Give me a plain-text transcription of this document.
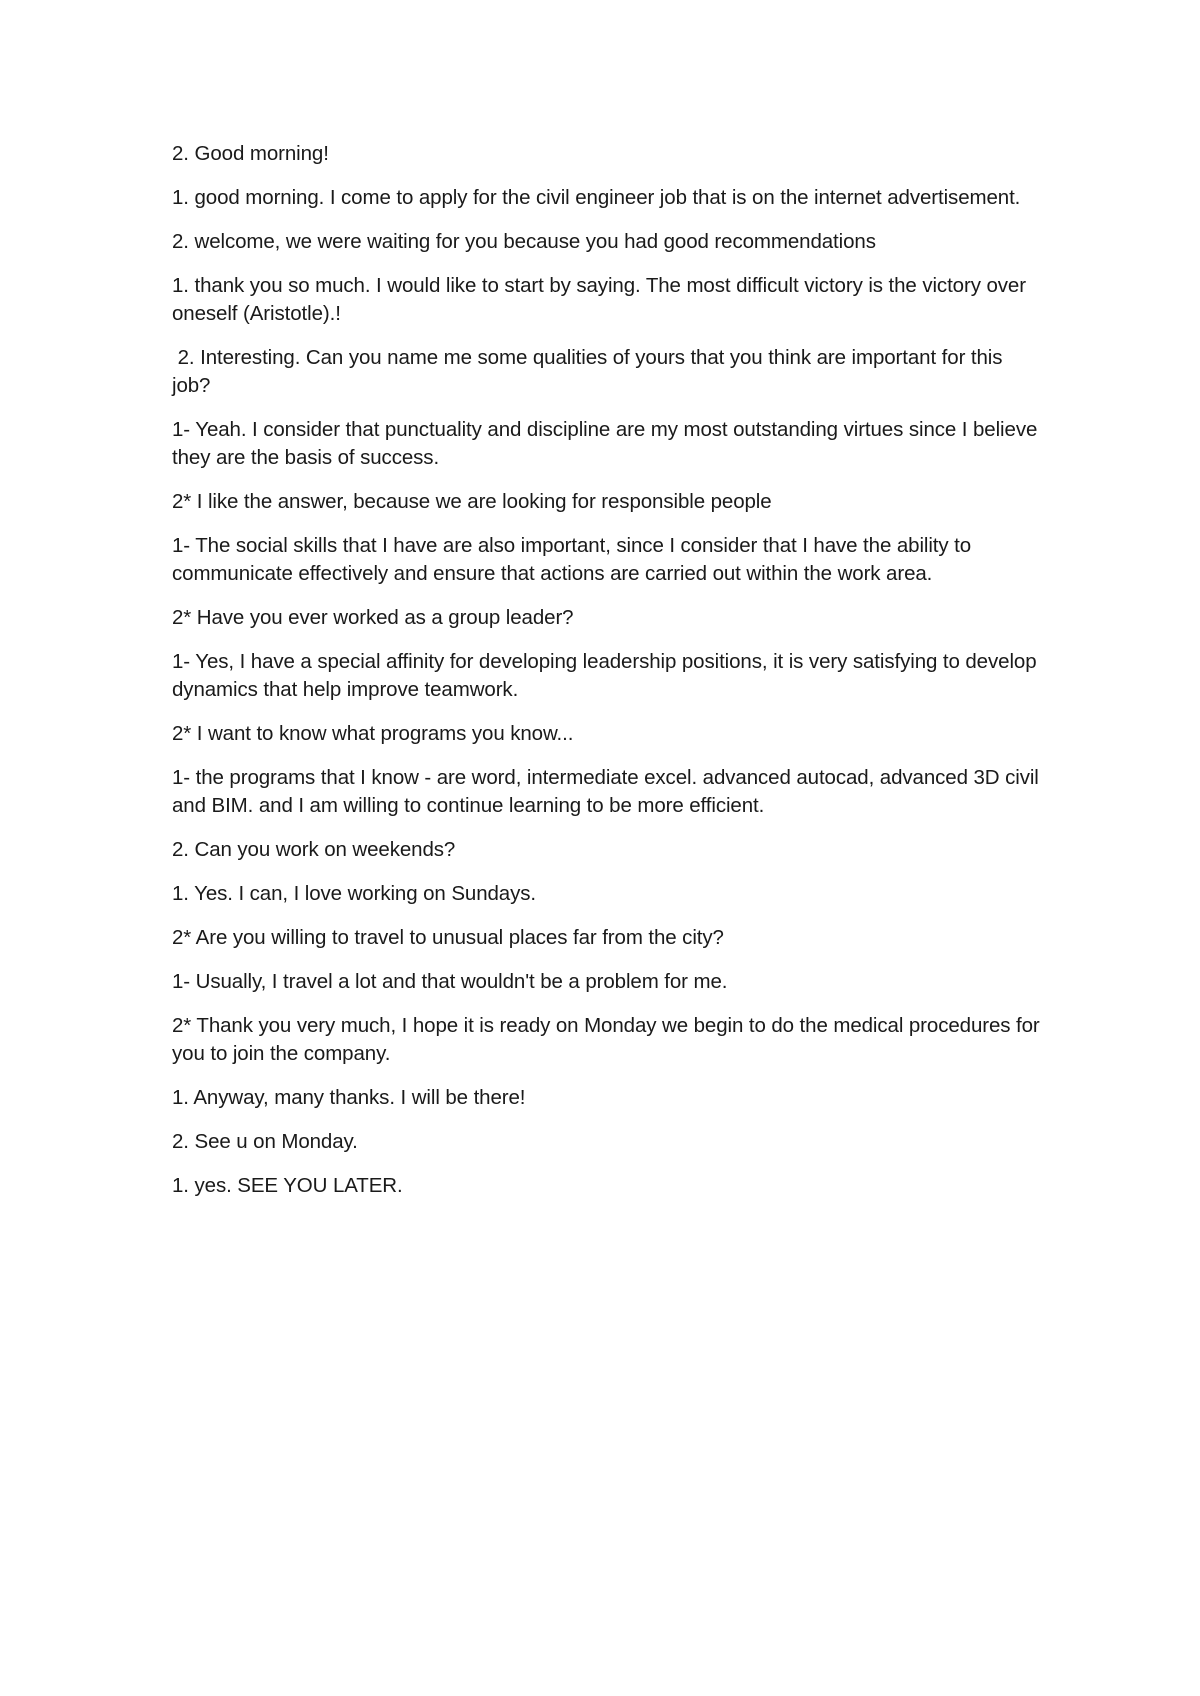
2. Good morning!

1. good morning. I come to apply for the civil engineer job that is on the internet advertisement.

2. welcome, we were waiting for you because you had good recommendations

1. thank you so much. I would like to start by saying. The most difficult victory is the victory over oneself (Aristotle).!

2. Interesting. Can you name me some qualities of yours that you think are important for this job?

1- Yeah. I consider that punctuality and discipline are my most outstanding virtues since I believe they are the basis of success.

2* I like the answer, because we are looking for responsible people

1- The social skills that I have are also important, since I consider that I have the ability to communicate effectively and ensure that actions are carried out within the work area.

2* Have you ever worked as a group leader?

1- Yes, I have a special affinity for developing leadership positions, it is very satisfying to develop dynamics that help improve teamwork.

2* I want to know what programs you know...

1- the programs that I know - are word, intermediate excel. advanced autocad, advanced 3D civil and BIM. and I am willing to continue learning to be more efficient.

2. Can you work on weekends?

1. Yes. I can, I love working on Sundays.

2* Are you willing to travel to unusual places far from the city?

1- Usually, I travel a lot and that wouldn't be a problem for me.

2* Thank you very much, I hope it is ready on Monday we begin to do the medical procedures for you to join the company.

1. Anyway, many thanks. I will be there!

2. See u on Monday.

1. yes. SEE YOU LATER.
